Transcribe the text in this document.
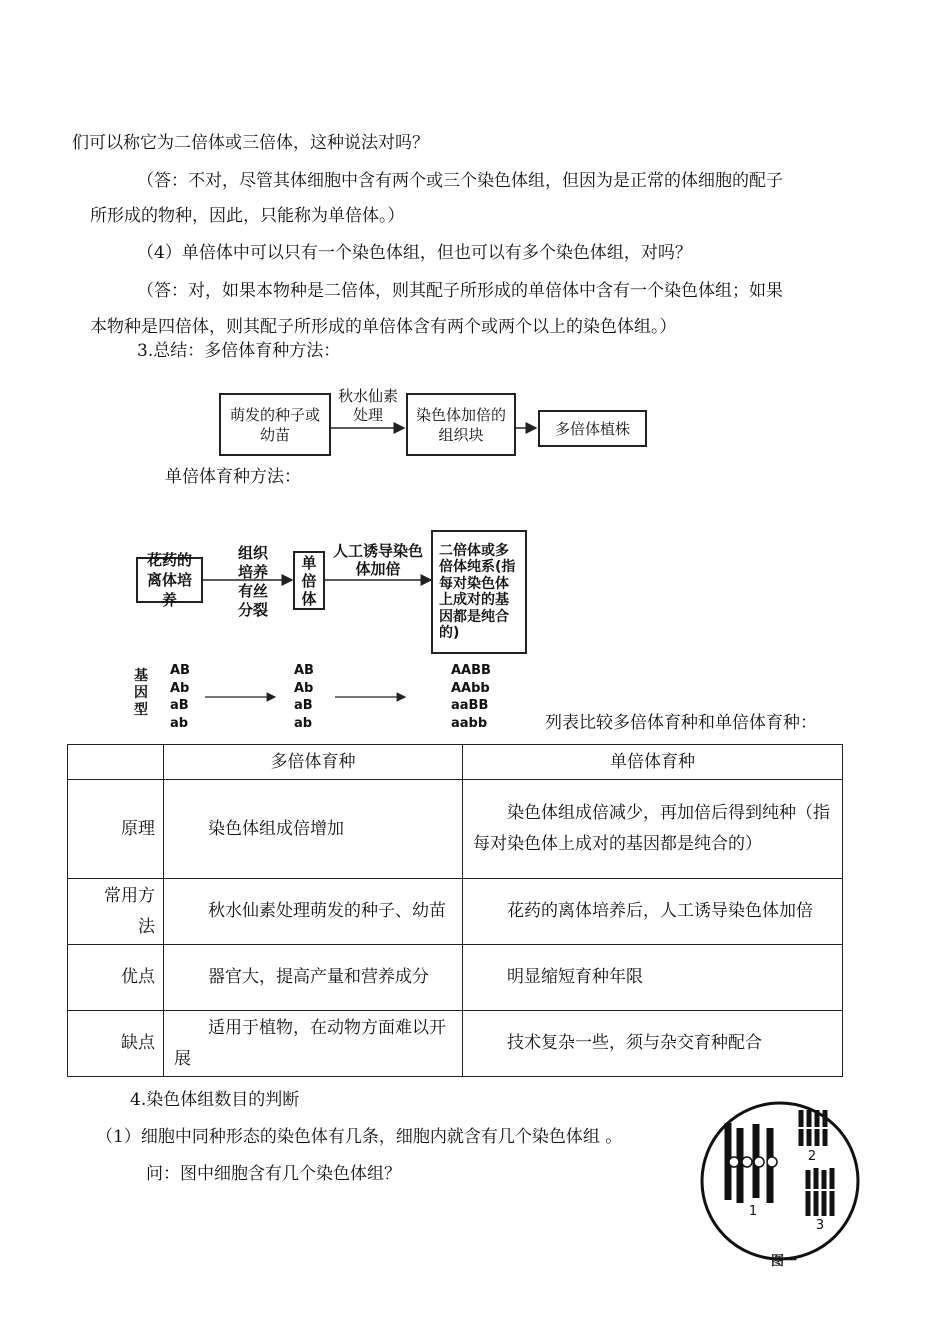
们可以称它为二倍体或三倍体，这种说法对吗？
（答：不对，尽管其体细胞中含有两个或三个染色体组，但因为是正常的体细胞的配子
所形成的物种，因此，只能称为单倍体。）
（4）单倍体中可以只有一个染色体组，但也可以有多个染色体组，对吗？
（答：对，如果本物种是二倍体，则其配子所形成的单倍体中含有一个染色体组；如果
本物种是四倍体，则其配子所形成的单倍体含有两个或两个以上的染色体组。）
3.总结：多倍体育种方法：
萌发的种子或幼苗
秋水仙素处理	染色体加倍的组织块	多倍体植株
单倍体育种方法：
花药的离体培养
组织培养
有丝分裂
单倍体
人工诱导染色体加倍
二倍体或多倍体纯系(指每对染色体上成对的基因都是纯合的)
基因型
AB
Ab
aB
ab
AB
Ab
aB
ab
AABB
AAbb
aaBB
aabb	列表比较多倍体育种和单倍体育种：
	多倍体育种	单倍体育种
原理	染色体组成倍增加	染色体组成倍减少，再加倍后得到纯种（指每对染色体上成对的基因都是纯合的）
常用方法	秋水仙素处理萌发的种子、幼苗	花药的离体培养后，人工诱导染色体加倍
优点	器官大，提高产量和营养成分	明显缩短育种年限
缺点	适用于植物，在动物方面难以开展	技术复杂一些，须与杂交育种配合
4.染色体组数目的判断
（1）细胞中同种形态的染色体有几条，细胞内就含有几个染色体组 。
问：图中细胞含有几个染色体组？
1
2
3
图一
